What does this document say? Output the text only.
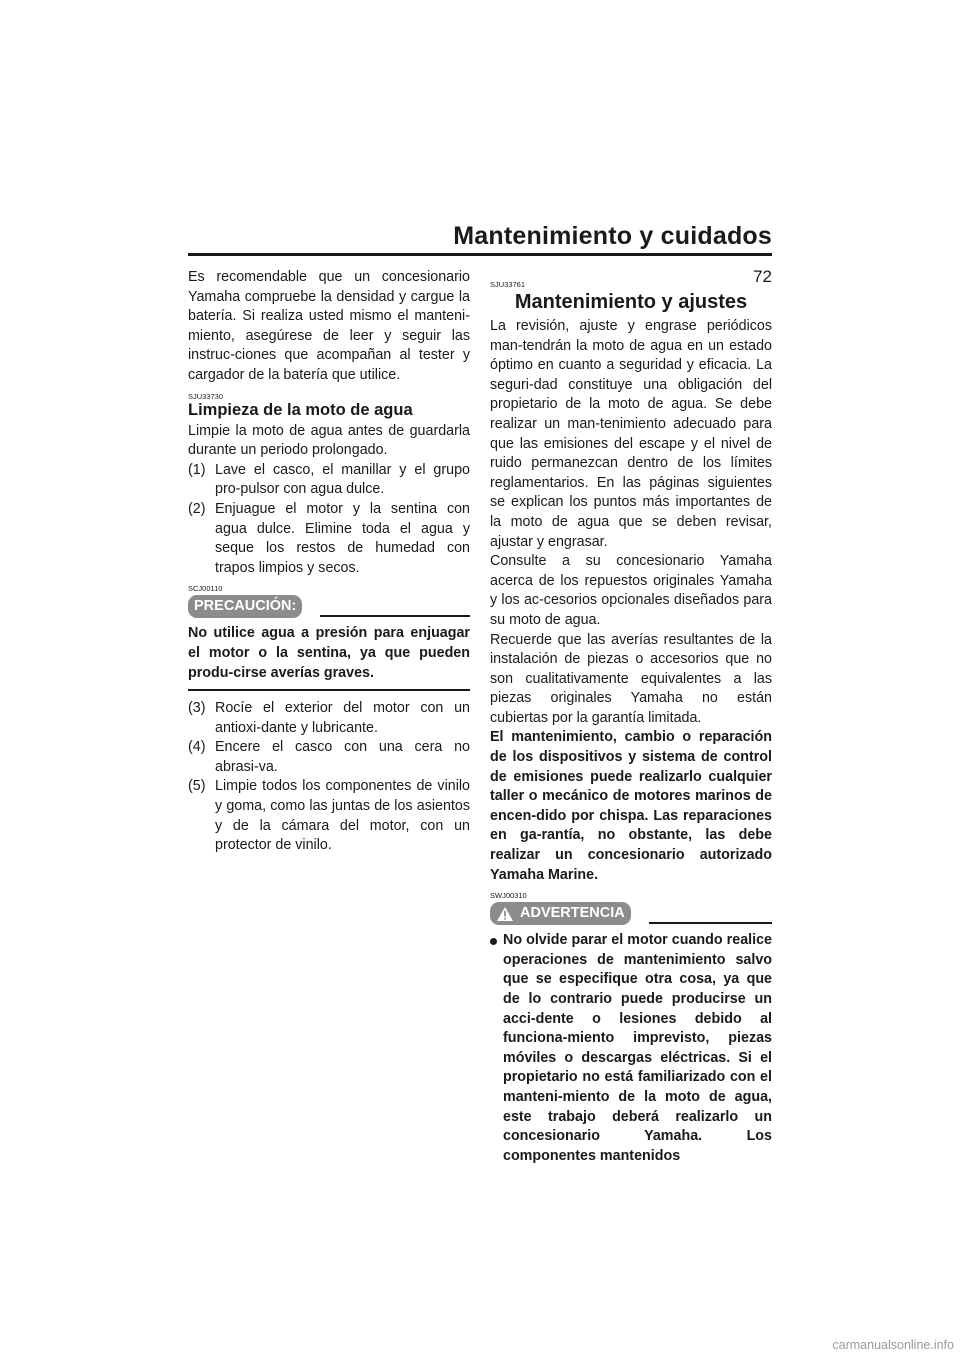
Mantenimiento y cuidados
72

Es recomendable que un concesionario Yamaha compruebe la densidad y cargue la batería. Si realiza usted mismo el manteni-miento, asegúrese de leer y seguir las instruc-ciones que acompañan al tester y cargador de la batería que utilice.

SJU33730
Limpieza de la moto de agua

Limpie la moto de agua antes de guardarla durante un periodo prolongado.

(1) Lave el casco, el manillar y el grupo pro-pulsor con agua dulce.
(2) Enjuague el motor y la sentina con agua dulce. Elimine toda el agua y seque los restos de humedad con trapos limpios y secos.
SCJ00110
PRECAUCIÓN:

No utilice agua a presión para enjuagar el motor o la sentina, ya que pueden produ-cirse averías graves.

(3) Rocíe el exterior del motor con un antioxi-dante y lubricante.
(4) Encere el casco con una cera no abrasi-va.
(5) Limpie todos los componentes de vinilo y goma, como las juntas de los asientos y de la cámara del motor, con un protector de vinilo.
SJU33761
Mantenimiento y ajustes

La revisión, ajuste y engrase periódicos man-tendrán la moto de agua en un estado óptimo en cuanto a seguridad y eficacia. La seguri-dad constituye una obligación del propietario de la moto de agua. Se debe realizar un man-tenimiento adecuado para que las emisiones del escape y el nivel de ruido permanezcan dentro de los límites reglamentarios. En las páginas siguientes se explican los puntos más importantes de la moto de agua que se deben revisar, ajustar y engrasar.

Consulte a su concesionario Yamaha acerca de los repuestos originales Yamaha y los ac-cesorios opcionales diseñados para su moto de agua.

Recuerde que las averías resultantes de la instalación de piezas o accesorios que no son cualitativamente equivalentes a las piezas originales Yamaha no están cubiertas por la garantía limitada.

El mantenimiento, cambio o reparación de los dispositivos y sistema de control de emisiones puede realizarlo cualquier taller o mecánico de motores marinos de encen-dido por chispa. Las reparaciones en ga-rantía, no obstante, las debe realizar un concesionario autorizado Yamaha Marine.

SWJ00310
ADVERTENCIA
No olvide parar el motor cuando realice operaciones de mantenimiento salvo que se especifique otra cosa, ya que de lo contrario puede producirse un acci-dente o lesiones debido al funciona-miento imprevisto, piezas móviles o descargas eléctricas. Si el propietario no está familiarizado con el manteni-miento de la moto de agua, este trabajo deberá realizarlo un concesionario Yamaha. Los componentes mantenidos
carmanualsonline.info
